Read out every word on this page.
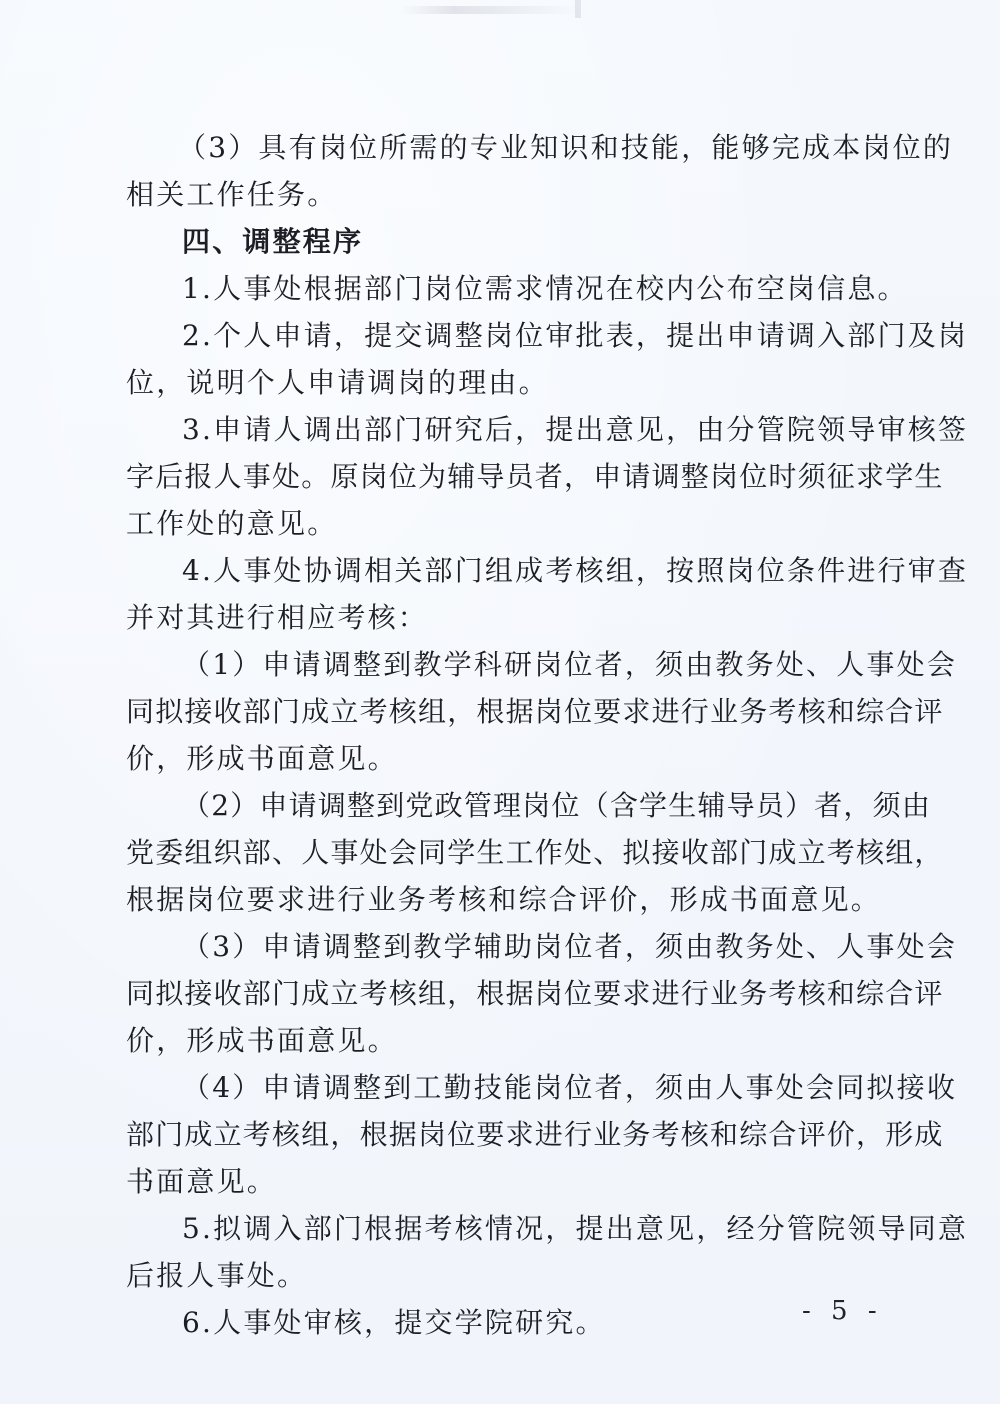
（3）具有岗位所需的专业知识和技能，能够完成本岗位的
相关工作任务。
四、调整程序
1.人事处根据部门岗位需求情况在校内公布空岗信息。
2.个人申请，提交调整岗位审批表，提出申请调入部门及岗
位，说明个人申请调岗的理由。
3.申请人调出部门研究后，提出意见，由分管院领导审核签
字后报人事处。原岗位为辅导员者，申请调整岗位时须征求学生
工作处的意见。
4.人事处协调相关部门组成考核组，按照岗位条件进行审查
并对其进行相应考核：
（1）申请调整到教学科研岗位者，须由教务处、人事处会
同拟接收部门成立考核组，根据岗位要求进行业务考核和综合评
价，形成书面意见。
（2）申请调整到党政管理岗位（含学生辅导员）者，须由
党委组织部、人事处会同学生工作处、拟接收部门成立考核组，
根据岗位要求进行业务考核和综合评价，形成书面意见。
（3）申请调整到教学辅助岗位者，须由教务处、人事处会
同拟接收部门成立考核组，根据岗位要求进行业务考核和综合评
价，形成书面意见。
（4）申请调整到工勤技能岗位者，须由人事处会同拟接收
部门成立考核组，根据岗位要求进行业务考核和综合评价，形成
书面意见。
5.拟调入部门根据考核情况，提出意见，经分管院领导同意
后报人事处。
6.人事处审核，提交学院研究。	- 5 -
